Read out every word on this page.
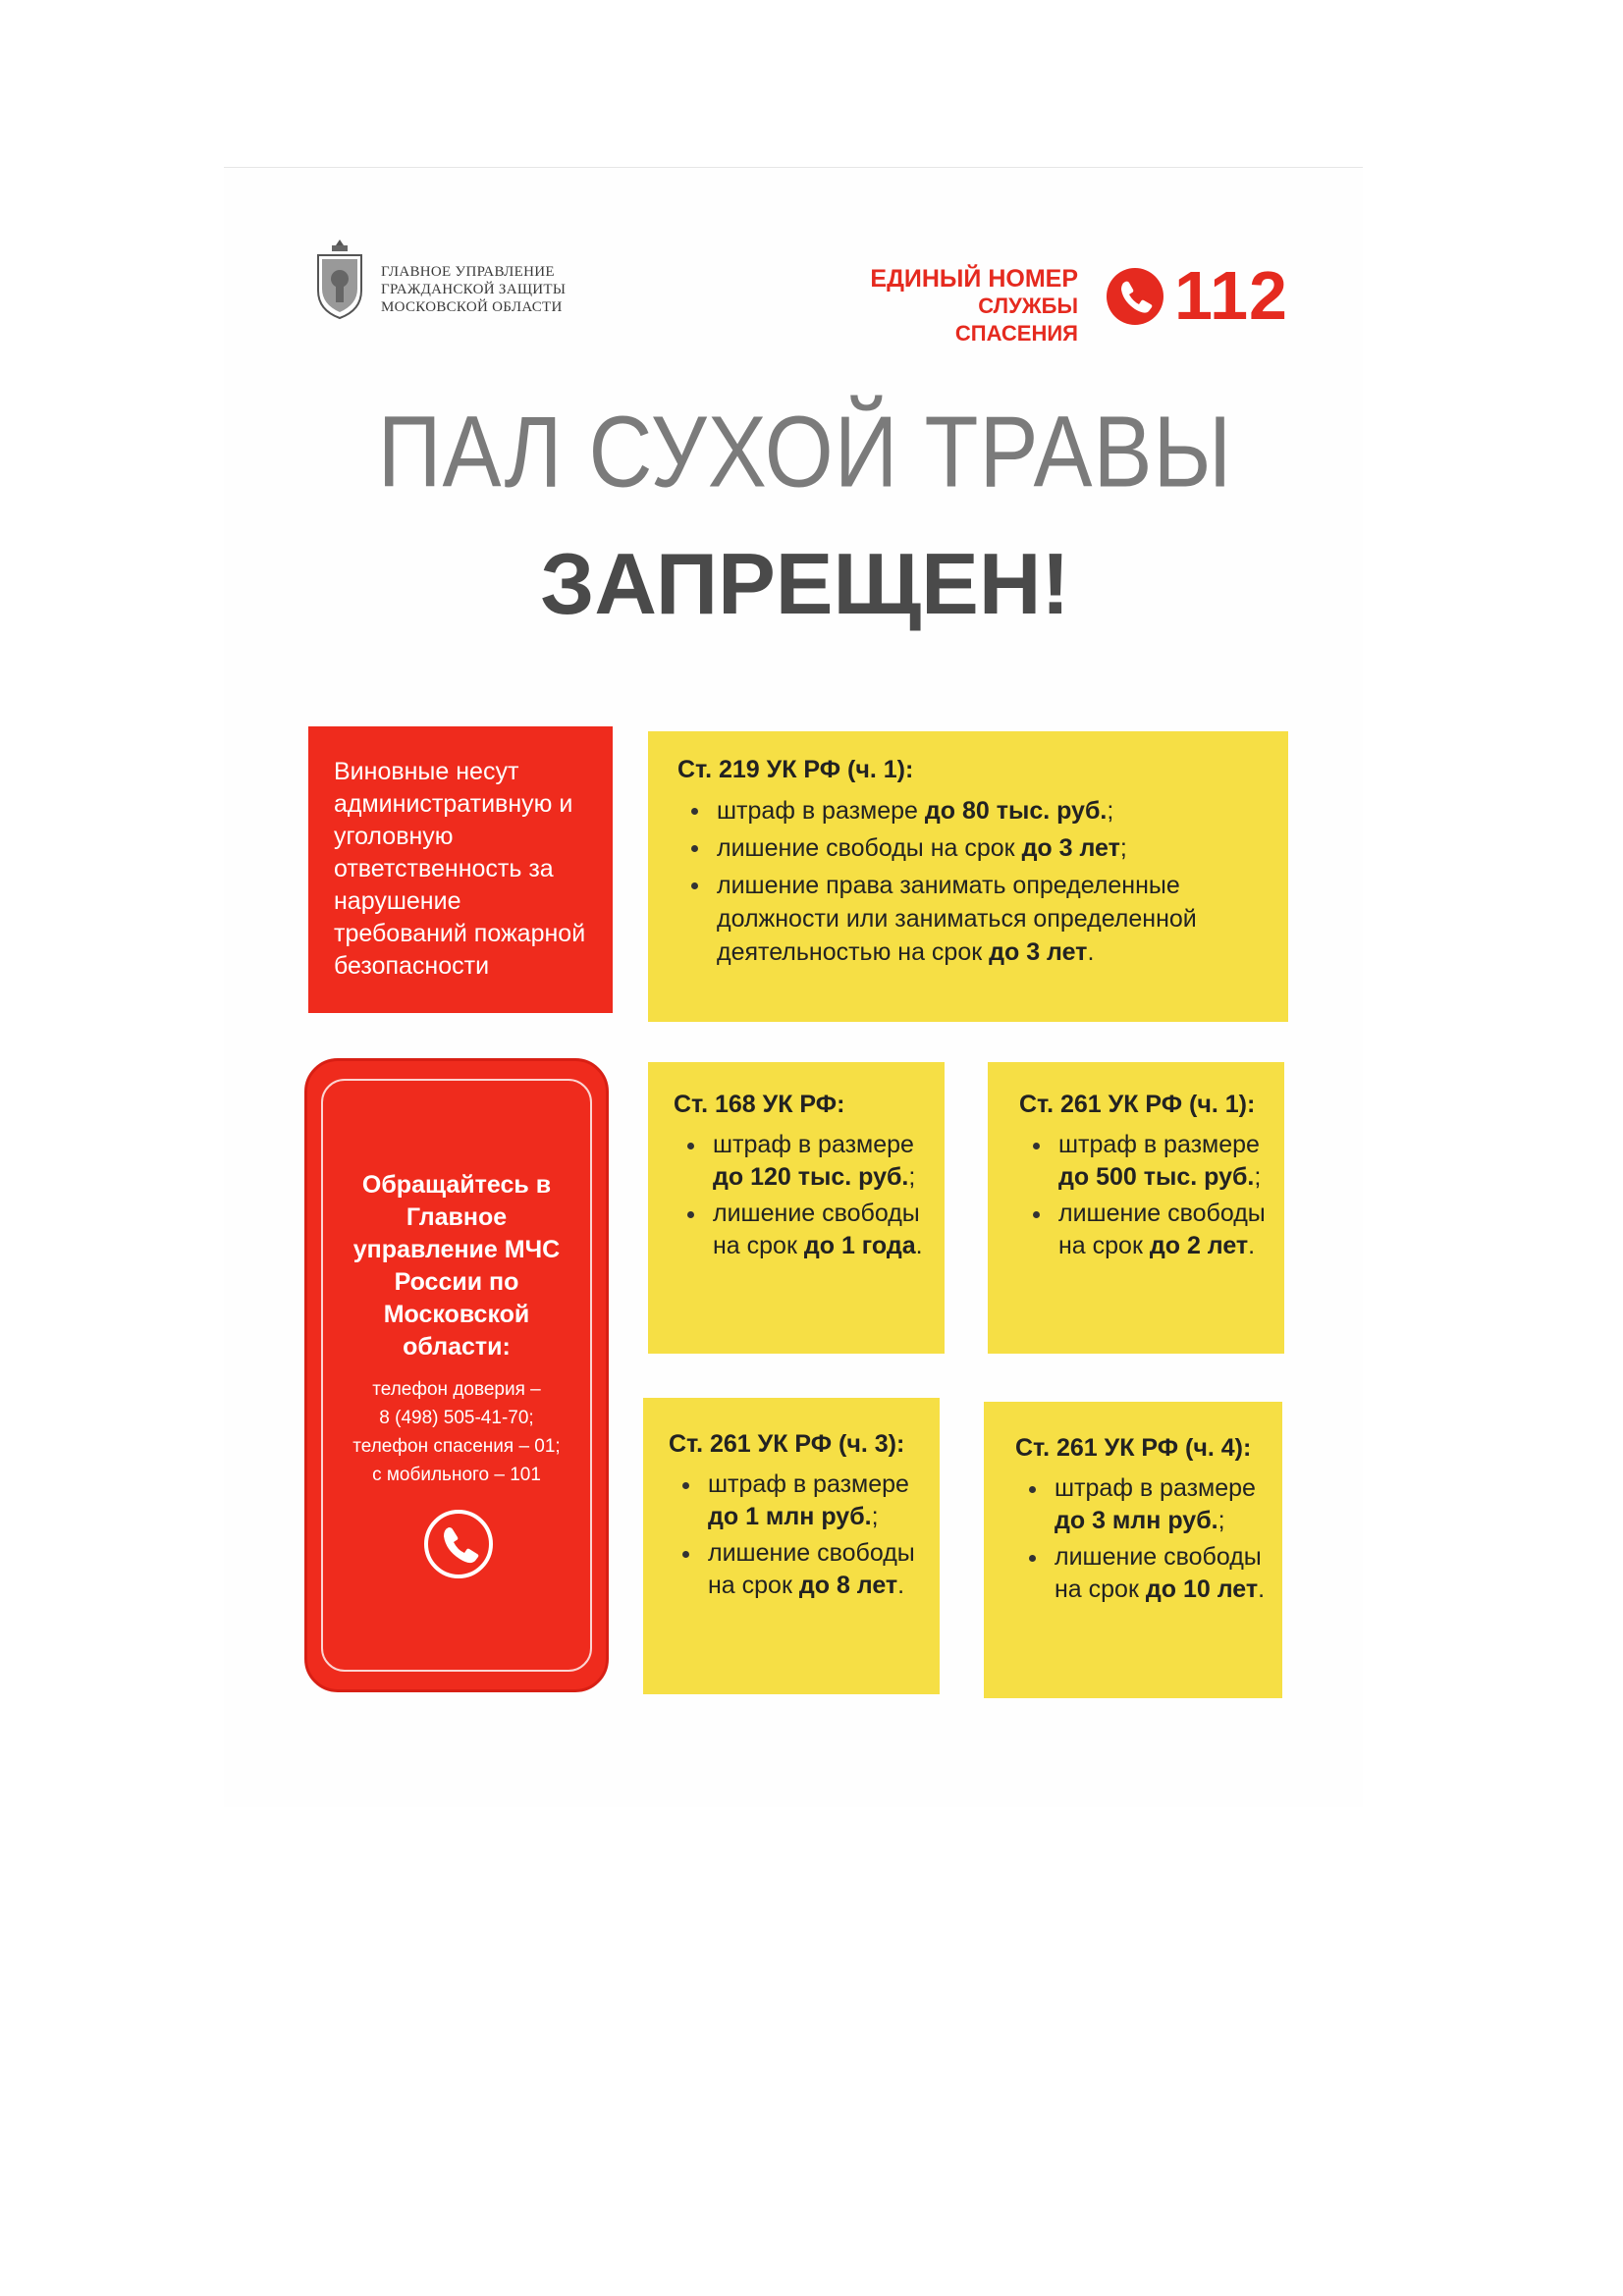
ГЛАВНОЕ УПРАВЛЕНИЕ
ГРАЖДАНСКОЙ ЗАЩИТЫ
МОСКОВСКОЙ ОБЛАСТИ
ЕДИНЫЙ НОМЕР
СЛУЖБЫ СПАСЕНИЯ 112
ПАЛ СУХОЙ ТРАВЫ
ЗАПРЕЩЕН!
Виновные несут административную и уголовную ответственность за нарушение требований пожарной безопасности
Ст. 219 УК РФ (ч. 1):
штраф в размере до 80 тыс. руб.;
лишение свободы на срок до 3 лет;
лишение права занимать определенные должности или заниматься определенной деятельностью на срок до 3 лет.
Обращайтесь в Главное управление МЧС России по Московской области:
телефон доверия –
8 (498) 505-41-70;
телефон спасения – 01;
с мобильного – 101
Ст. 168 УК РФ:
штраф в размере до 120 тыс. руб.;
лишение свободы на срок до 1 года.
Ст. 261 УК РФ (ч. 1):
штраф в размере до 500 тыс. руб.;
лишение свободы на срок до 2 лет.
Ст. 261 УК РФ (ч. 3):
штраф в размере до 1 млн руб.;
лишение свободы на срок до 8 лет.
Ст. 261 УК РФ (ч. 4):
штраф в размере до 3 млн руб.;
лишение свободы на срок до 10 лет.
